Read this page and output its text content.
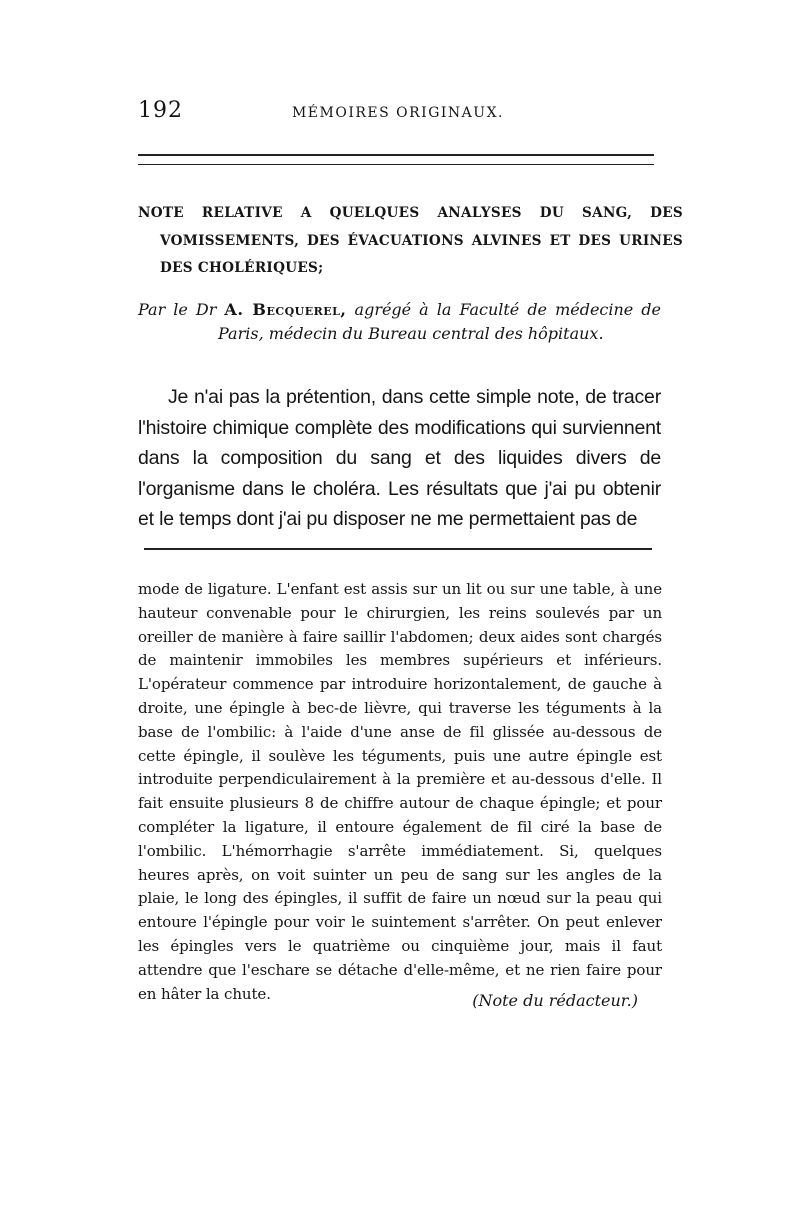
192	MÉMOIRES ORIGINAUX.
NOTE RELATIVE A QUELQUES ANALYSES DU SANG, DES VOMISSEMENTS, DES ÉVACUATIONS ALVINES ET DES URINES DES CHOLÉRIQUES;
Par le Dr A. Becquerel, agrégé à la Faculté de médecine de Paris, médecin du Bureau central des hôpitaux.

Je n'ai pas la prétention, dans cette simple note, de tracer l'histoire chimique complète des modifications qui surviennent dans la composition du sang et des liquides divers de l'organisme dans le choléra. Les résultats que j'ai pu obtenir et le temps dont j'ai pu disposer ne me permettaient pas de

mode de ligature. L'enfant est assis sur un lit ou sur une table, à une hauteur convenable pour le chirurgien, les reins soulevés par un oreiller de manière à faire saillir l'abdomen; deux aides sont chargés de maintenir immobiles les membres supérieurs et inférieurs. L'opérateur commence par introduire horizontalement, de gauche à droite, une épingle à bec-de lièvre, qui traverse les téguments à la base de l'ombilic: à l'aide d'une anse de fil glissée au-dessous de cette épingle, il soulève les téguments, puis une autre épingle est introduite perpendiculairement à la première et au-dessous d'elle. Il fait ensuite plusieurs 8 de chiffre autour de chaque épingle; et pour compléter la ligature, il entoure également de fil ciré la base de l'ombilic. L'hémorrhagie s'arrête immédiatement. Si, quelques heures après, on voit suinter un peu de sang sur les angles de la plaie, le long des épingles, il suffit de faire un nœud sur la peau qui entoure l'épingle pour voir le suintement s'arrêter. On peut enlever les épingles vers le quatrième ou cinquième jour, mais il faut attendre que l'eschare se détache d'elle-même, et ne rien faire pour en hâter la chute.	(Note du rédacteur.)
